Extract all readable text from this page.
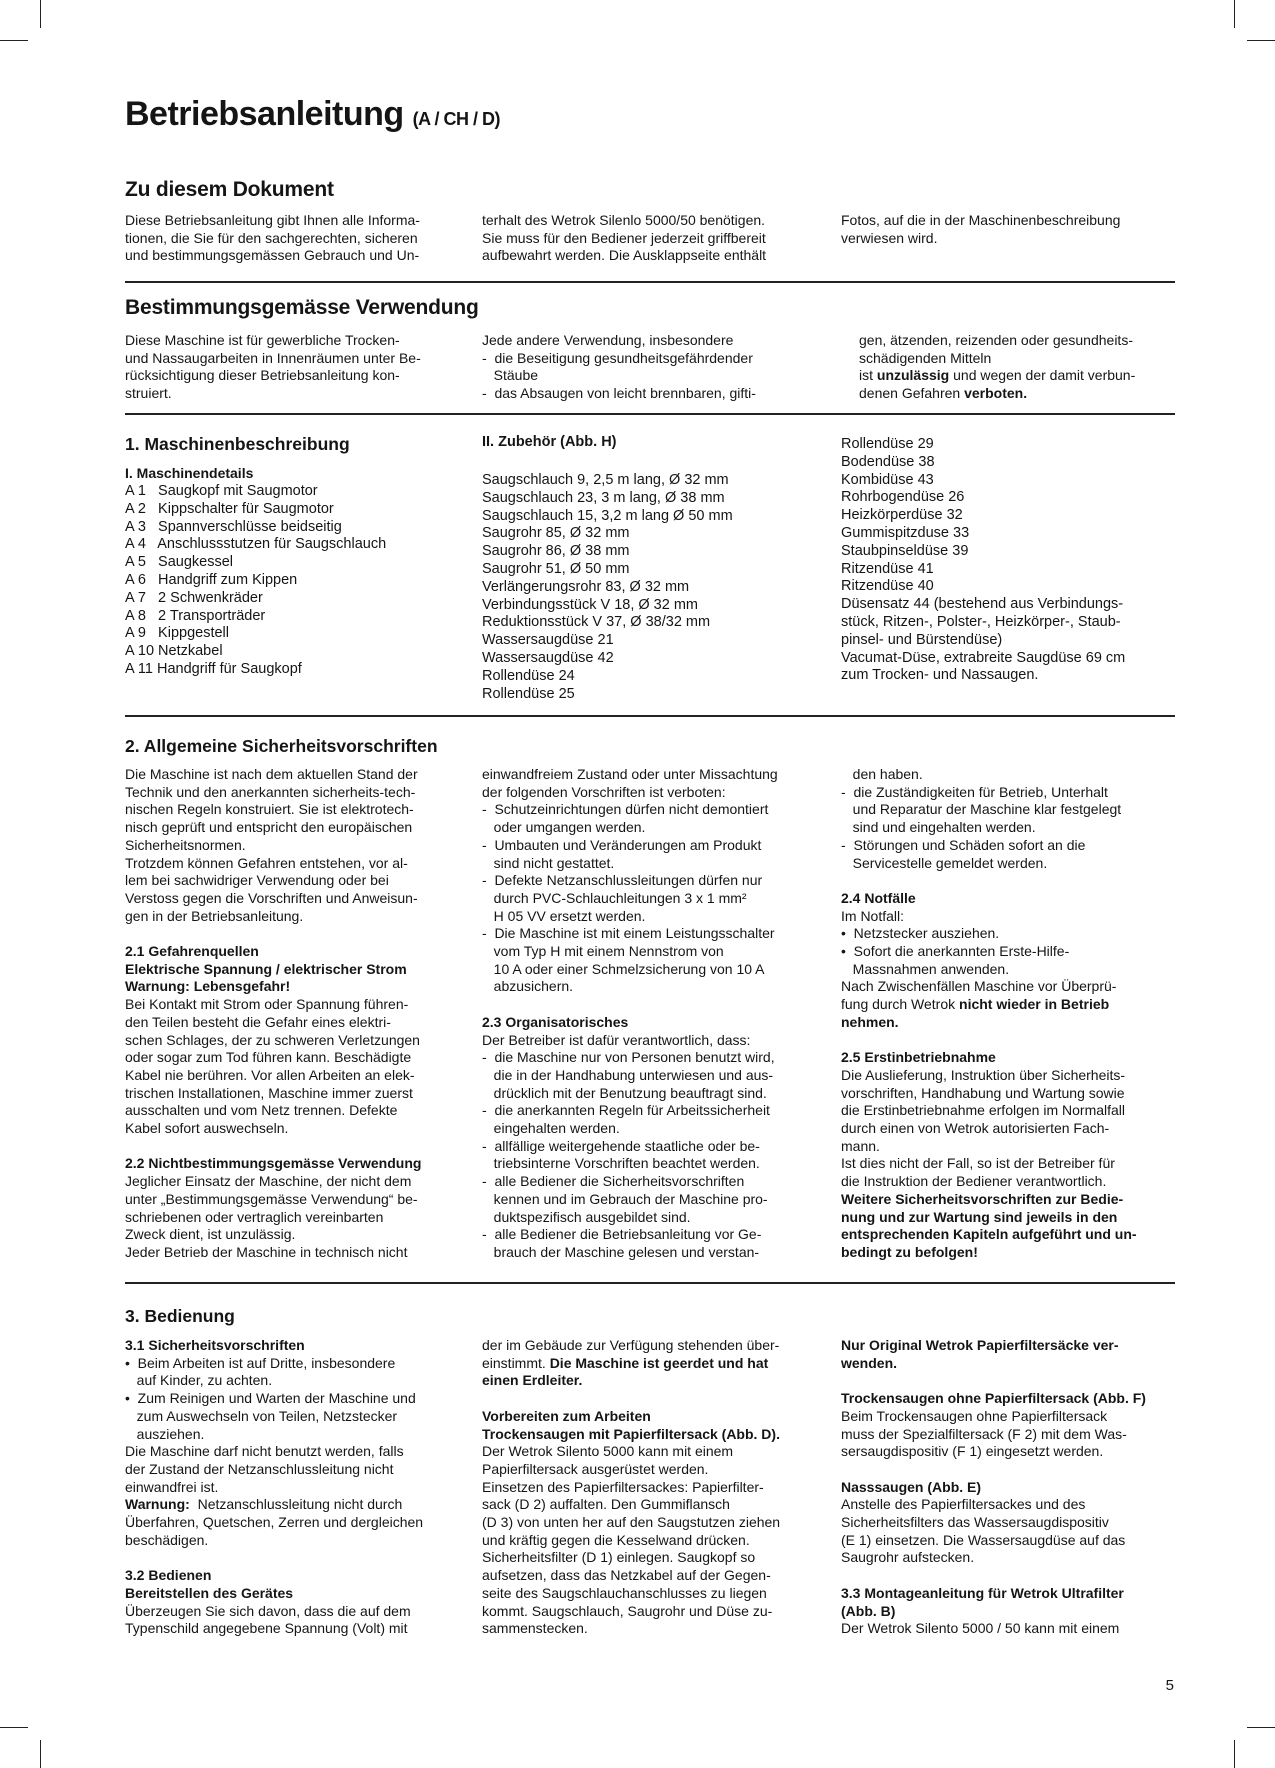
Betriebsanleitung (A / CH / D)
Zu diesem Dokument
Diese Betriebsanleitung gibt Ihnen alle Informa-
tionen, die Sie für den sachgerechten, sicheren
und bestimmungsgemässen Gebrauch und Un-
terhalt des Wetrok Silenlo 5000/50 benötigen.
Sie muss für den Bediener jederzeit griffbereit
aufbewahrt werden. Die Ausklappseite enthält
Fotos, auf die in der Maschinenbeschreibung
verwiesen wird.
Bestimmungsgemässe Verwendung
Diese Maschine ist für gewerbliche Trocken-
und Nassaugarbeiten in Innenräumen unter Be-
rücksichtigung dieser Betriebsanleitung kon-
struiert.
Jede andere Verwendung, insbesondere
-  die Beseitigung gesundheitsgefährdender
Stäube
-  das Absaugen von leicht brennbaren, gifti-
gen, ätzenden, reizenden oder gesundheits-
schädigenden Mitteln
ist unzulässig und wegen der damit verbun-
denen Gefahren verboten.
1. Maschinenbeschreibung
I. Maschinendetails
A 1   Saugkopf mit Saugmotor
A 2   Kippschalter für Saugmotor
A 3   Spannverschlüsse beidseitig
A 4   Anschlussstutzen für Saugschlauch
A 5   Saugkessel
A 6   Handgriff zum Kippen
A 7   2 Schwenkräder
A 8   2 Transporträder
A 9   Kippgestell
A 10 Netzkabel
A 11 Handgriff für Saugkopf
II. Zubehör (Abb. H)
Saugschlauch 9, 2,5 m lang, Ø 32 mm
Saugschlauch 23, 3 m lang, Ø 38 mm
Saugschlauch 15, 3,2 m lang Ø 50 mm
Saugrohr 85, Ø 32 mm
Saugrohr 86, Ø 38 mm
Saugrohr 51, Ø 50 mm
Verlängerungsrohr 83, Ø 32 mm
Verbindungsstück V 18, Ø 32 mm
Reduktionsstück V 37, Ø 38/32 mm
Wassersaugdüse 21
Wassersaugdüse 42
Rollendüse 24
Rollendüse 25
Rollendüse 29
Bodendüse 38
Kombidüse 43
Rohrbogendüse 26
Heizkörperdüse 32
Gummispitzduse 33
Staubpinseldüse 39
Ritzendüse 41
Ritzendüse 40
Düsensatz 44 (bestehend aus Verbindungs-
stück, Ritzen-, Polster-, Heizkörper-, Staub-
pinsel- und Bürstendüse)
Vacumat-Düse, extrabreite Saugdüse 69 cm
zum Trocken- und Nassaugen.
2. Allgemeine Sicherheitsvorschriften
Die Maschine ist nach dem aktuellen Stand der
Technik und den anerkannten sicherheits-tech-
nischen Regeln konstruiert. Sie ist elektrotech-
nisch geprüft und entspricht den europäischen
Sicherheitsnormen.
Trotzdem können Gefahren entstehen, vor al-
lem bei sachwidriger Verwendung oder bei
Verstoss gegen die Vorschriften und Anweisun-
gen in der Betriebsanleitung.
2.1 Gefahrenquellen
Elektrische Spannung / elektrischer Strom
Warnung: Lebensgefahr!
Bei Kontakt mit Strom oder Spannung führen-
den Teilen besteht die Gefahr eines elektri-
schen Schlages, der zu schweren Verletzungen
oder sogar zum Tod führen kann. Beschädigte
Kabel nie berühren. Vor allen Arbeiten an elek-
trischen Installationen, Maschine immer zuerst
ausschalten und vom Netz trennen. Defekte
Kabel sofort auswechseln.
2.2 Nichtbestimmungsgemässe Verwendung
Jeglicher Einsatz der Maschine, der nicht dem
unter „Bestimmungsgemässe Verwendung“ be-
schriebenen oder vertraglich vereinbarten
Zweck dient, ist unzulässig.
Jeder Betrieb der Maschine in technisch nicht
einwandfreiem Zustand oder unter Missachtung
der folgenden Vorschriften ist verboten:
-  Schutzeinrichtungen dürfen nicht demontiert
oder umgangen werden.
-  Umbauten und Veränderungen am Produkt
sind nicht gestattet.
-  Defekte Netzanschlussleitungen dürfen nur
durch PVC-Schlauchleitungen 3 x 1 mm²
H 05 VV ersetzt werden.
-  Die Maschine ist mit einem Leistungsschalter
vom Typ H mit einem Nennstrom von
10 A oder einer Schmelzsicherung von 10 A
abzusichern.
2.3 Organisatorisches
Der Betreiber ist dafür verantwortlich, dass:
-  die Maschine nur von Personen benutzt wird,
die in der Handhabung unterwiesen und aus-
drücklich mit der Benutzung beauftragt sind.
-  die anerkannten Regeln für Arbeitssicherheit
eingehalten werden.
-  allfällige weitergehende staatliche oder be-
triebsinterne Vorschriften beachtet werden.
-  alle Bediener die Sicherheitsvorschriften
kennen und im Gebrauch der Maschine pro-
duktspezifisch ausgebildet sind.
-  alle Bediener die Betriebsanleitung vor Ge-
brauch der Maschine gelesen und verstan-
den haben.
-  die Zuständigkeiten für Betrieb, Unterhalt
und Reparatur der Maschine klar festgelegt
sind und eingehalten werden.
-  Störungen und Schäden sofort an die
Servicestelle gemeldet werden.
2.4 Notfälle
Im Notfall:
•  Netzstecker ausziehen.
•  Sofort die anerkannten Erste-Hilfe-
Massnahmen anwenden.
Nach Zwischenfällen Maschine vor Überprü-
fung durch Wetrok nicht wieder in Betrieb
nehmen.
2.5 Erstinbetriebnahme
Die Auslieferung, Instruktion über Sicherheits-
vorschriften, Handhabung und Wartung sowie
die Erstinbetriebnahme erfolgen im Normalfall
durch einen von Wetrok autorisierten Fach-
mann.
Ist dies nicht der Fall, so ist der Betreiber für
die Instruktion der Bediener verantwortlich.
Weitere Sicherheitsvorschriften zur Bedie-
nung und zur Wartung sind jeweils in den
entsprechenden Kapiteln aufgeführt und un-
bedingt zu befolgen!
3. Bedienung
3.1 Sicherheitsvorschriften
•  Beim Arbeiten ist auf Dritte, insbesondere
auf Kinder, zu achten.
•  Zum Reinigen und Warten der Maschine und
zum Auswechseln von Teilen, Netzstecker
ausziehen.
Die Maschine darf nicht benutzt werden, falls
der Zustand der Netzanschlussleitung nicht
einwandfrei ist.
Warnung:  Netzanschlussleitung nicht durch
Überfahren, Quetschen, Zerren und dergleichen
beschädigen.
3.2 Bedienen
Bereitstellen des Gerätes
Überzeugen Sie sich davon, dass die auf dem
Typenschild angegebene Spannung (Volt) mit
der im Gebäude zur Verfügung stehenden über-
einstimmt. Die Maschine ist geerdet und hat
einen Erdleiter.
Vorbereiten zum Arbeiten
Trockensaugen mit Papierfiltersack (Abb. D).
Der Wetrok Silento 5000 kann mit einem
Papierfiltersack ausgerüstet werden.
Einsetzen des Papierfiltersackes: Papierfilter-
sack (D 2) auffalten. Den Gummiflansch
(D 3) von unten her auf den Saugstutzen ziehen
und kräftig gegen die Kesselwand drücken.
Sicherheitsfilter (D 1) einlegen. Saugkopf so
aufsetzen, dass das Netzkabel auf der Gegen-
seite des Saugschlauchanschlusses zu liegen
kommt. Saugschlauch, Saugrohr und Düse zu-
sammenstecken.
Nur Original Wetrok Papierfiltersäcke ver-
wenden.
Trockensaugen ohne Papierfiltersack (Abb. F)
Beim Trockensaugen ohne Papierfiltersack
muss der Spezialfiltersack (F 2) mit dem Was-
sersaugdispositiv (F 1) eingesetzt werden.
Nasssaugen (Abb. E)
Anstelle des Papierfiltersackes und des
Sicherheitsfilters das Wassersaugdispositiv
(E 1) einsetzen. Die Wassersaugdüse auf das
Saugrohr aufstecken.
3.3 Montageanleitung für Wetrok Ultrafilter
(Abb. B)
Der Wetrok Silento 5000 / 50 kann mit einem
5
